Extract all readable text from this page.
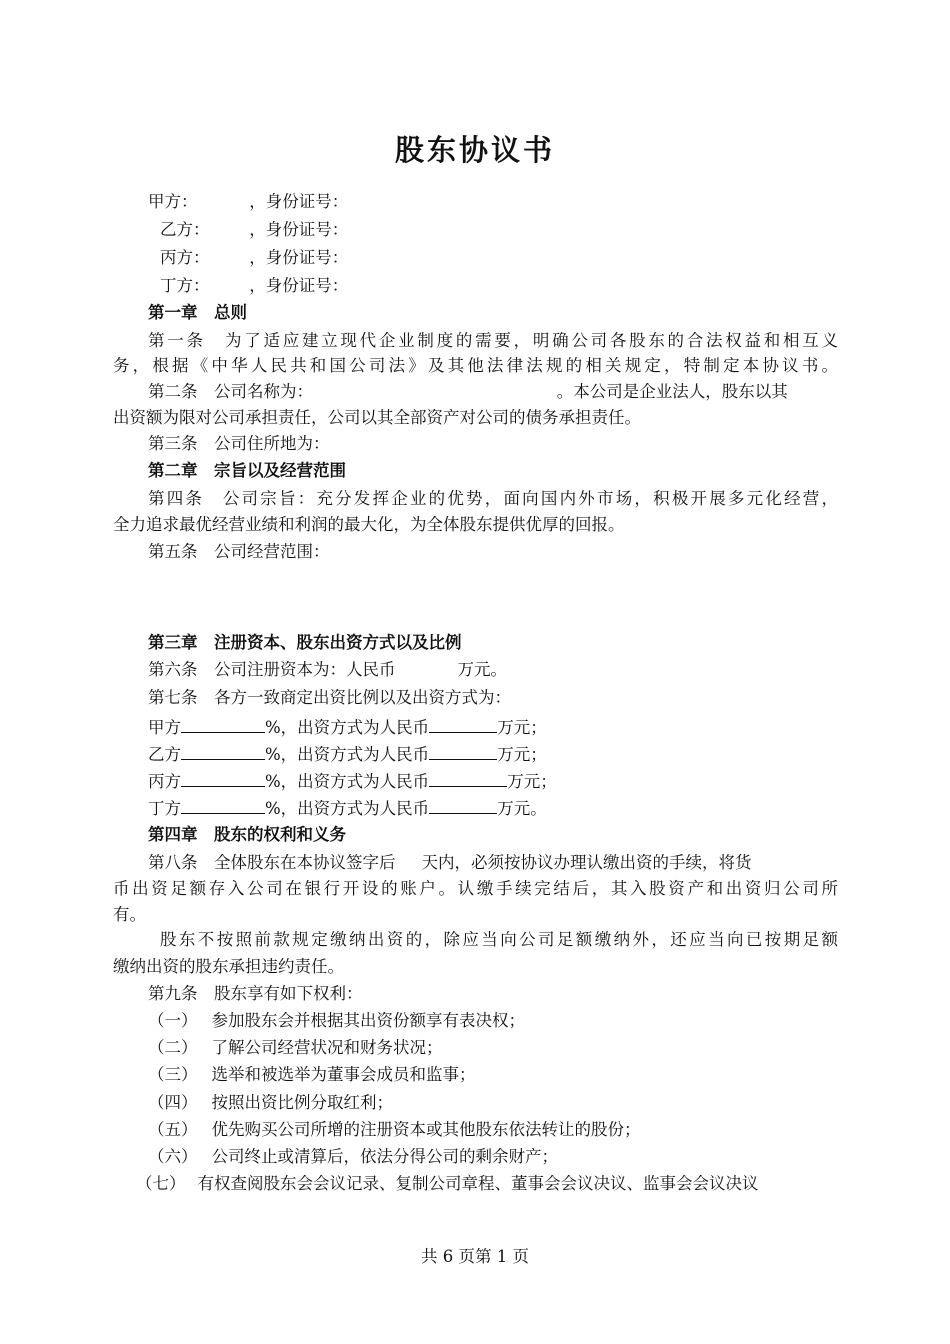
股东协议书
甲方：	，身份证号：
乙方：	，身份证号：
丙方：	，身份证号：
丁方：	，身份证号：
第一章　总则
第一条　为了适应建立现代企业制度的需要，明确公司各股东的合法权益和相互义
务，根据《中华人民共和国公司法》及其他法律法规的相关规定，特制定本协议书。
第二条　公司名称为：	。本公司是企业法人，股东以其
出资额为限对公司承担责任，公司以其全部资产对公司的债务承担责任。
第三条　公司住所地为：
第二章　宗旨以及经营范围
第四条　公司宗旨：充分发挥企业的优势，面向国内外市场，积极开展多元化经营，
全力追求最优经营业绩和利润的最大化，为全体股东提供优厚的回报。
第五条　公司经营范围：
第三章　注册资本、股东出资方式以及比例
第六条　公司注册资本为：人民币	万元。
第七条　各方一致商定出资比例以及出资方式为：
甲方	%，出资方式为人民币	万元；
乙方	%，出资方式为人民币	万元；
丙方	%，出资方式为人民币	万元；
丁方	%，出资方式为人民币	万元。
第四章　股东的权利和义务
第八条　全体股东在本协议签字后 天内，必须按协议办理认缴出资的手续，将货
币出资足额存入公司在银行开设的账户。认缴手续完结后，其入股资产和出资归公司所
有。
股东不按照前款规定缴纳出资的，除应当向公司足额缴纳外，还应当向已按期足额
缴纳出资的股东承担违约责任。
第九条　股东享有如下权利：
（一） 参加股东会并根据其出资份额享有表决权；
（二） 了解公司经营状况和财务状况；
（三） 选举和被选举为董事会成员和监事；
（四） 按照出资比例分取红利；
（五） 优先购买公司所增的注册资本或其他股东依法转让的股份；
（六） 公司终止或清算后，依法分得公司的剩余财产；
（七） 有权查阅股东会会议记录、复制公司章程、董事会会议决议、监事会会议决议
共 6 页第 1 页
